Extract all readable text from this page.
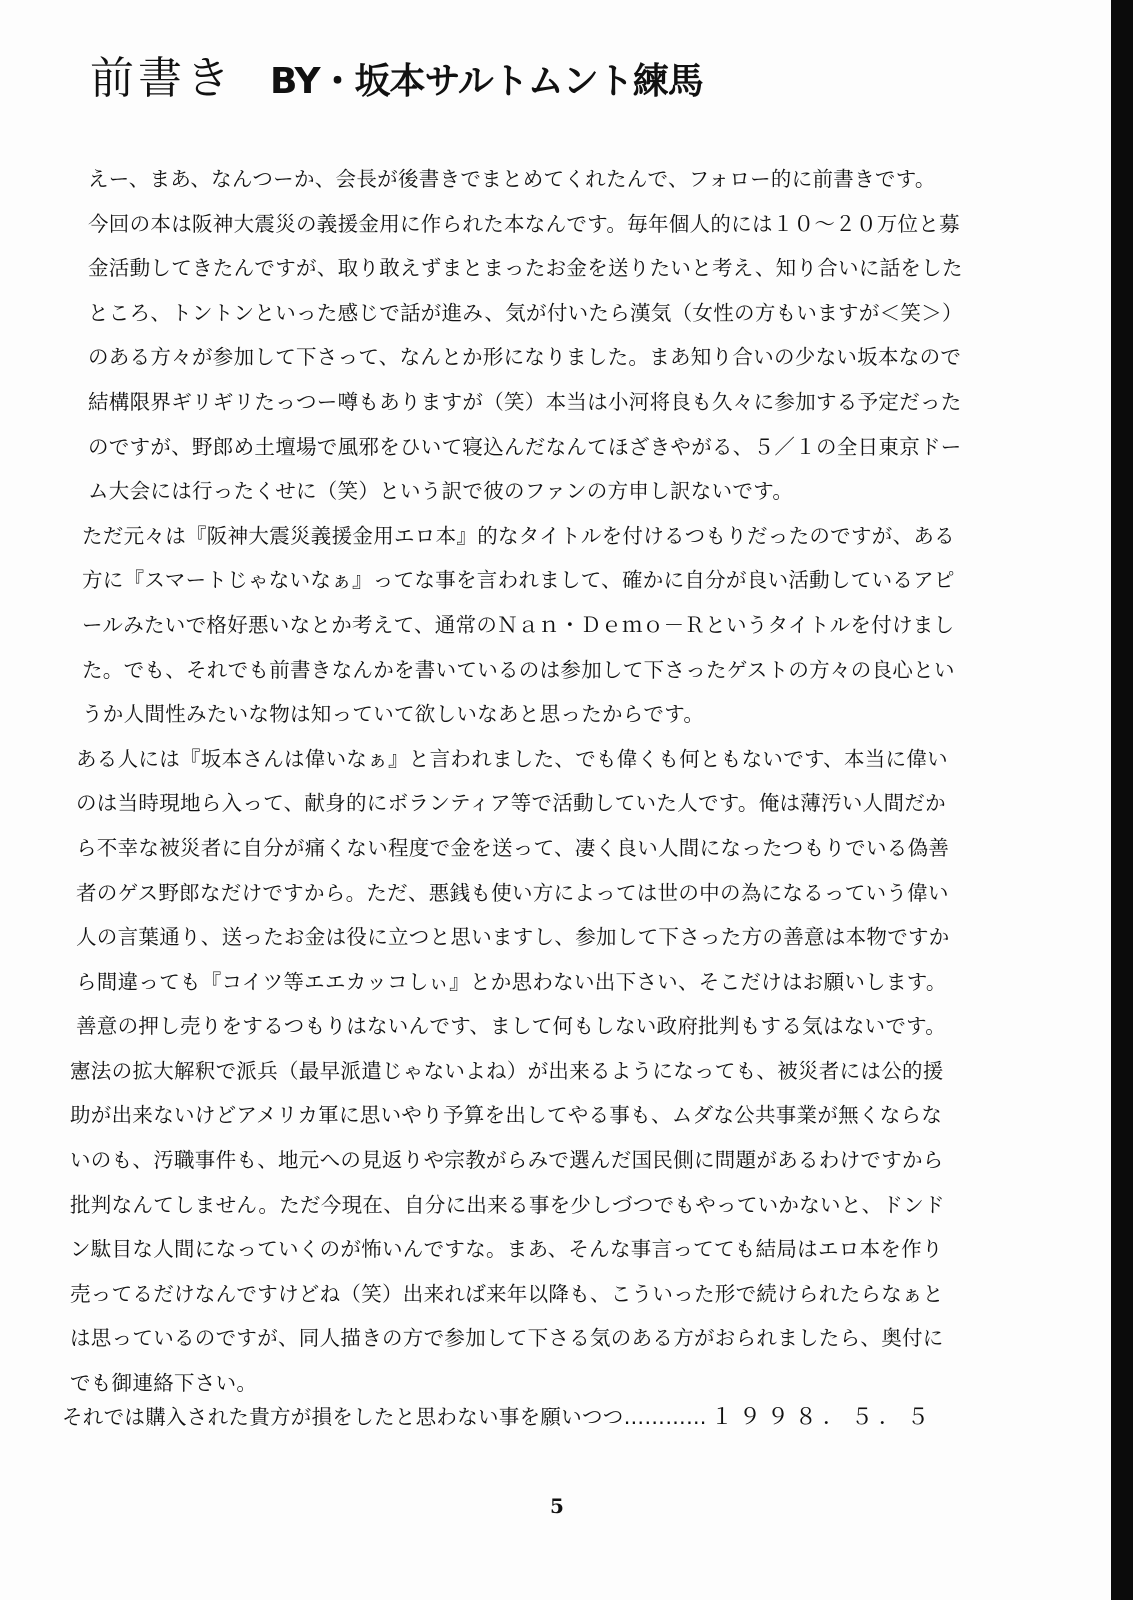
前書き BY・坂本サルトムント練馬
えー、まあ、なんつーか、会長が後書きでまとめてくれたんで、フォロー的に前書きです。
今回の本は阪神大震災の義援金用に作られた本なんです。毎年個人的には１０～２０万位と募
金活動してきたんですが、取り敢えずまとまったお金を送りたいと考え、知り合いに話をした
ところ、トントンといった感じで話が進み、気が付いたら漢気（女性の方もいますが＜笑＞）
のある方々が参加して下さって、なんとか形になりました。まあ知り合いの少ない坂本なので
結構限界ギリギリたっつー噂もありますが（笑）本当は小河将良も久々に参加する予定だった
のですが、野郎め土壇場で風邪をひいて寝込んだなんてほざきやがる、５／１の全日東京ドー
ム大会には行ったくせに（笑）という訳で彼のファンの方申し訳ないです。
ただ元々は『阪神大震災義援金用エロ本』的なタイトルを付けるつもりだったのですが、ある
方に『スマートじゃないなぁ』ってな事を言われまして、確かに自分が良い活動しているアピ
ールみたいで格好悪いなとか考えて、通常のＮａｎ・Ｄｅｍｏ－Ｒというタイトルを付けまし
た。でも、それでも前書きなんかを書いているのは参加して下さったゲストの方々の良心とい
うか人間性みたいな物は知っていて欲しいなあと思ったからです。
ある人には『坂本さんは偉いなぁ』と言われました、でも偉くも何ともないです、本当に偉い
のは当時現地ら入って、献身的にボランティア等で活動していた人です。俺は薄汚い人間だか
ら不幸な被災者に自分が痛くない程度で金を送って、凄く良い人間になったつもりでいる偽善
者のゲス野郎なだけですから。ただ、悪銭も使い方によっては世の中の為になるっていう偉い
人の言葉通り、送ったお金は役に立つと思いますし、参加して下さった方の善意は本物ですか
ら間違っても『コイツ等エエカッコしぃ』とか思わない出下さい、そこだけはお願いします。
善意の押し売りをするつもりはないんです、まして何もしない政府批判もする気はないです。
憲法の拡大解釈で派兵（最早派遣じゃないよね）が出来るようになっても、被災者には公的援
助が出来ないけどアメリカ軍に思いやり予算を出してやる事も、ムダな公共事業が無くならな
いのも、汚職事件も、地元への見返りや宗教がらみで選んだ国民側に問題があるわけですから
批判なんてしません。ただ今現在、自分に出来る事を少しづつでもやっていかないと、ドンド
ン駄目な人間になっていくのが怖いんですな。まあ、そんな事言ってても結局はエロ本を作り
売ってるだけなんですけどね（笑）出来れば来年以降も、こういった形で続けられたらなぁと
は思っているのですが、同人描きの方で参加して下さる気のある方がおられましたら、奥付に
でも御連絡下さい。
それでは購入された貴方が損をしたと思わない事を願いつつ………… １９９８．５．５
5
